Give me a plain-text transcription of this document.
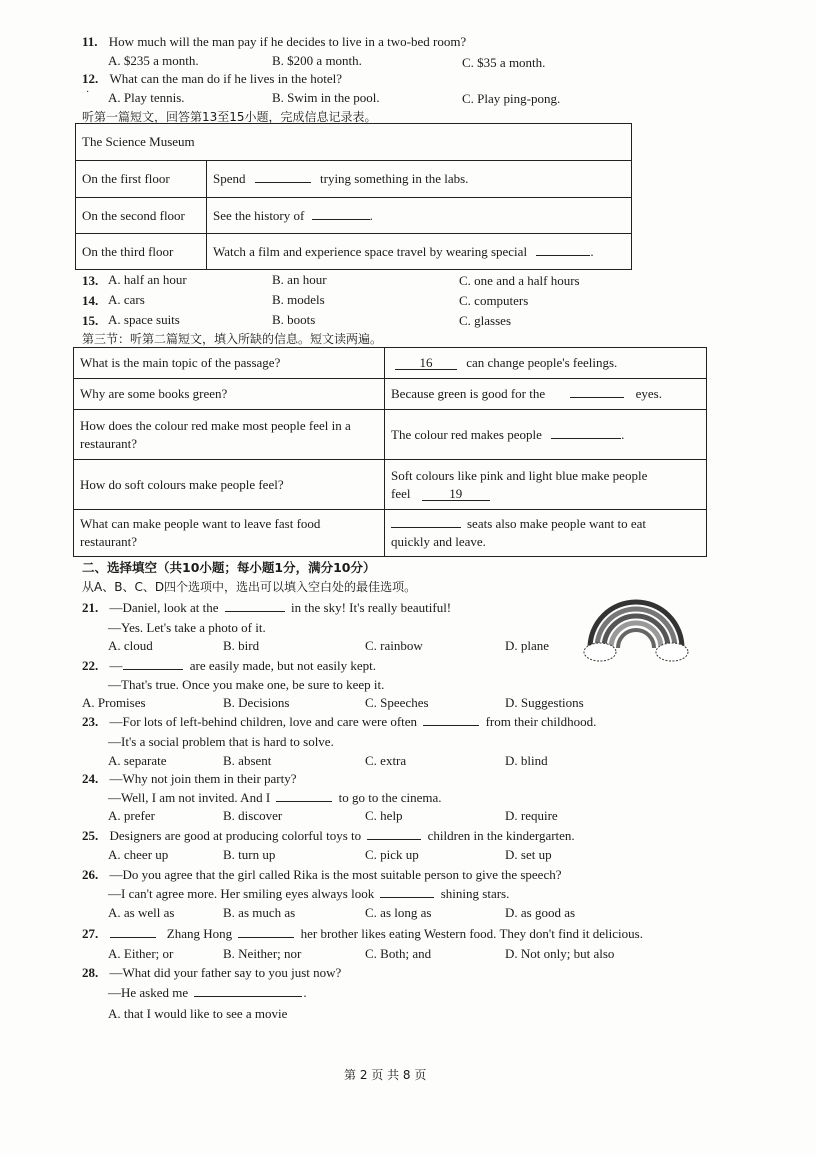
11. How much will the man pay if he decides to live in a two-bed room?
A. $235 a month.	B. $200 a month.	C. $35 a month.
12. What can the man do if he lives in the hotel?
· A. Play tennis.	B. Swim in the pool.	C. Play ping-pong.
听第一篇短文，回答第13至15小题，完成信息记录表。
The Science Museum	
On the first floor	Spend trying something in the labs.
On the second floor	See the history of .
On the third floor	Watch a film and experience space travel by wearing special .
13. A. half an hour	B. an hour	C. one and a half hours
14. A. cars	B. models	C. computers
15. A. space suits	B. boots	C. glasses
第三节：听第二篇短文，填入所缺的信息。短文读两遍。
What is the main topic of the passage?	16 can change people's feelings.
Why are some books green?	Because green is good for the eyes.
How does the colour red make most people feel in a restaurant?	The colour red makes people .
How do soft colours make people feel?	Soft colours like pink and light blue make people
feel 19

What can make people want to leave fast food restaurant?	seats also make people want to eat
quickly and leave.
二、选择填空（共10小题；每小题1分，满分10分）
从A、B、C、D四个选项中，选出可以填入空白处的最佳选项。
21. —Daniel, look at the	in the sky! It's really beautiful!
—Yes. Let's take a photo of it.
A. cloud	B. bird	C. rainbow	D. plane
22. —	are easily made, but not easily kept.
—That's true. Once you make one, be sure to keep it.
A. Promises	B. Decisions	C. Speeches	D. Suggestions
23. —For lots of left-behind children, love and care were often	from their childhood.
—It's a social problem that is hard to solve.
A. separate	B. absent	C. extra	D. blind
24. —Why not join them in their party?
—Well, I am not invited. And I	to go to the cinema.
A. prefer	B. discover	C. help	D. require
25. Designers are good at producing colorful toys to	children in the kindergarten.
A. cheer up	B. turn up	C. pick up	D. set up
26. —Do you agree that the girl called Rika is the most suitable person to give the speech?
—I can't agree more. Her smiling eyes always look	shining stars.
A. as well as	B. as much as	C. as long as	D. as good as
27.	Zhang Hong	her brother likes eating Western food. They don't find it delicious.
A. Either; or	B. Neither; nor	C. Both; and	D. Not only; but also
28. —What did your father say to you just now?
—He asked me	.
A. that I would like to see a movie
第 2 页 共 8 页
